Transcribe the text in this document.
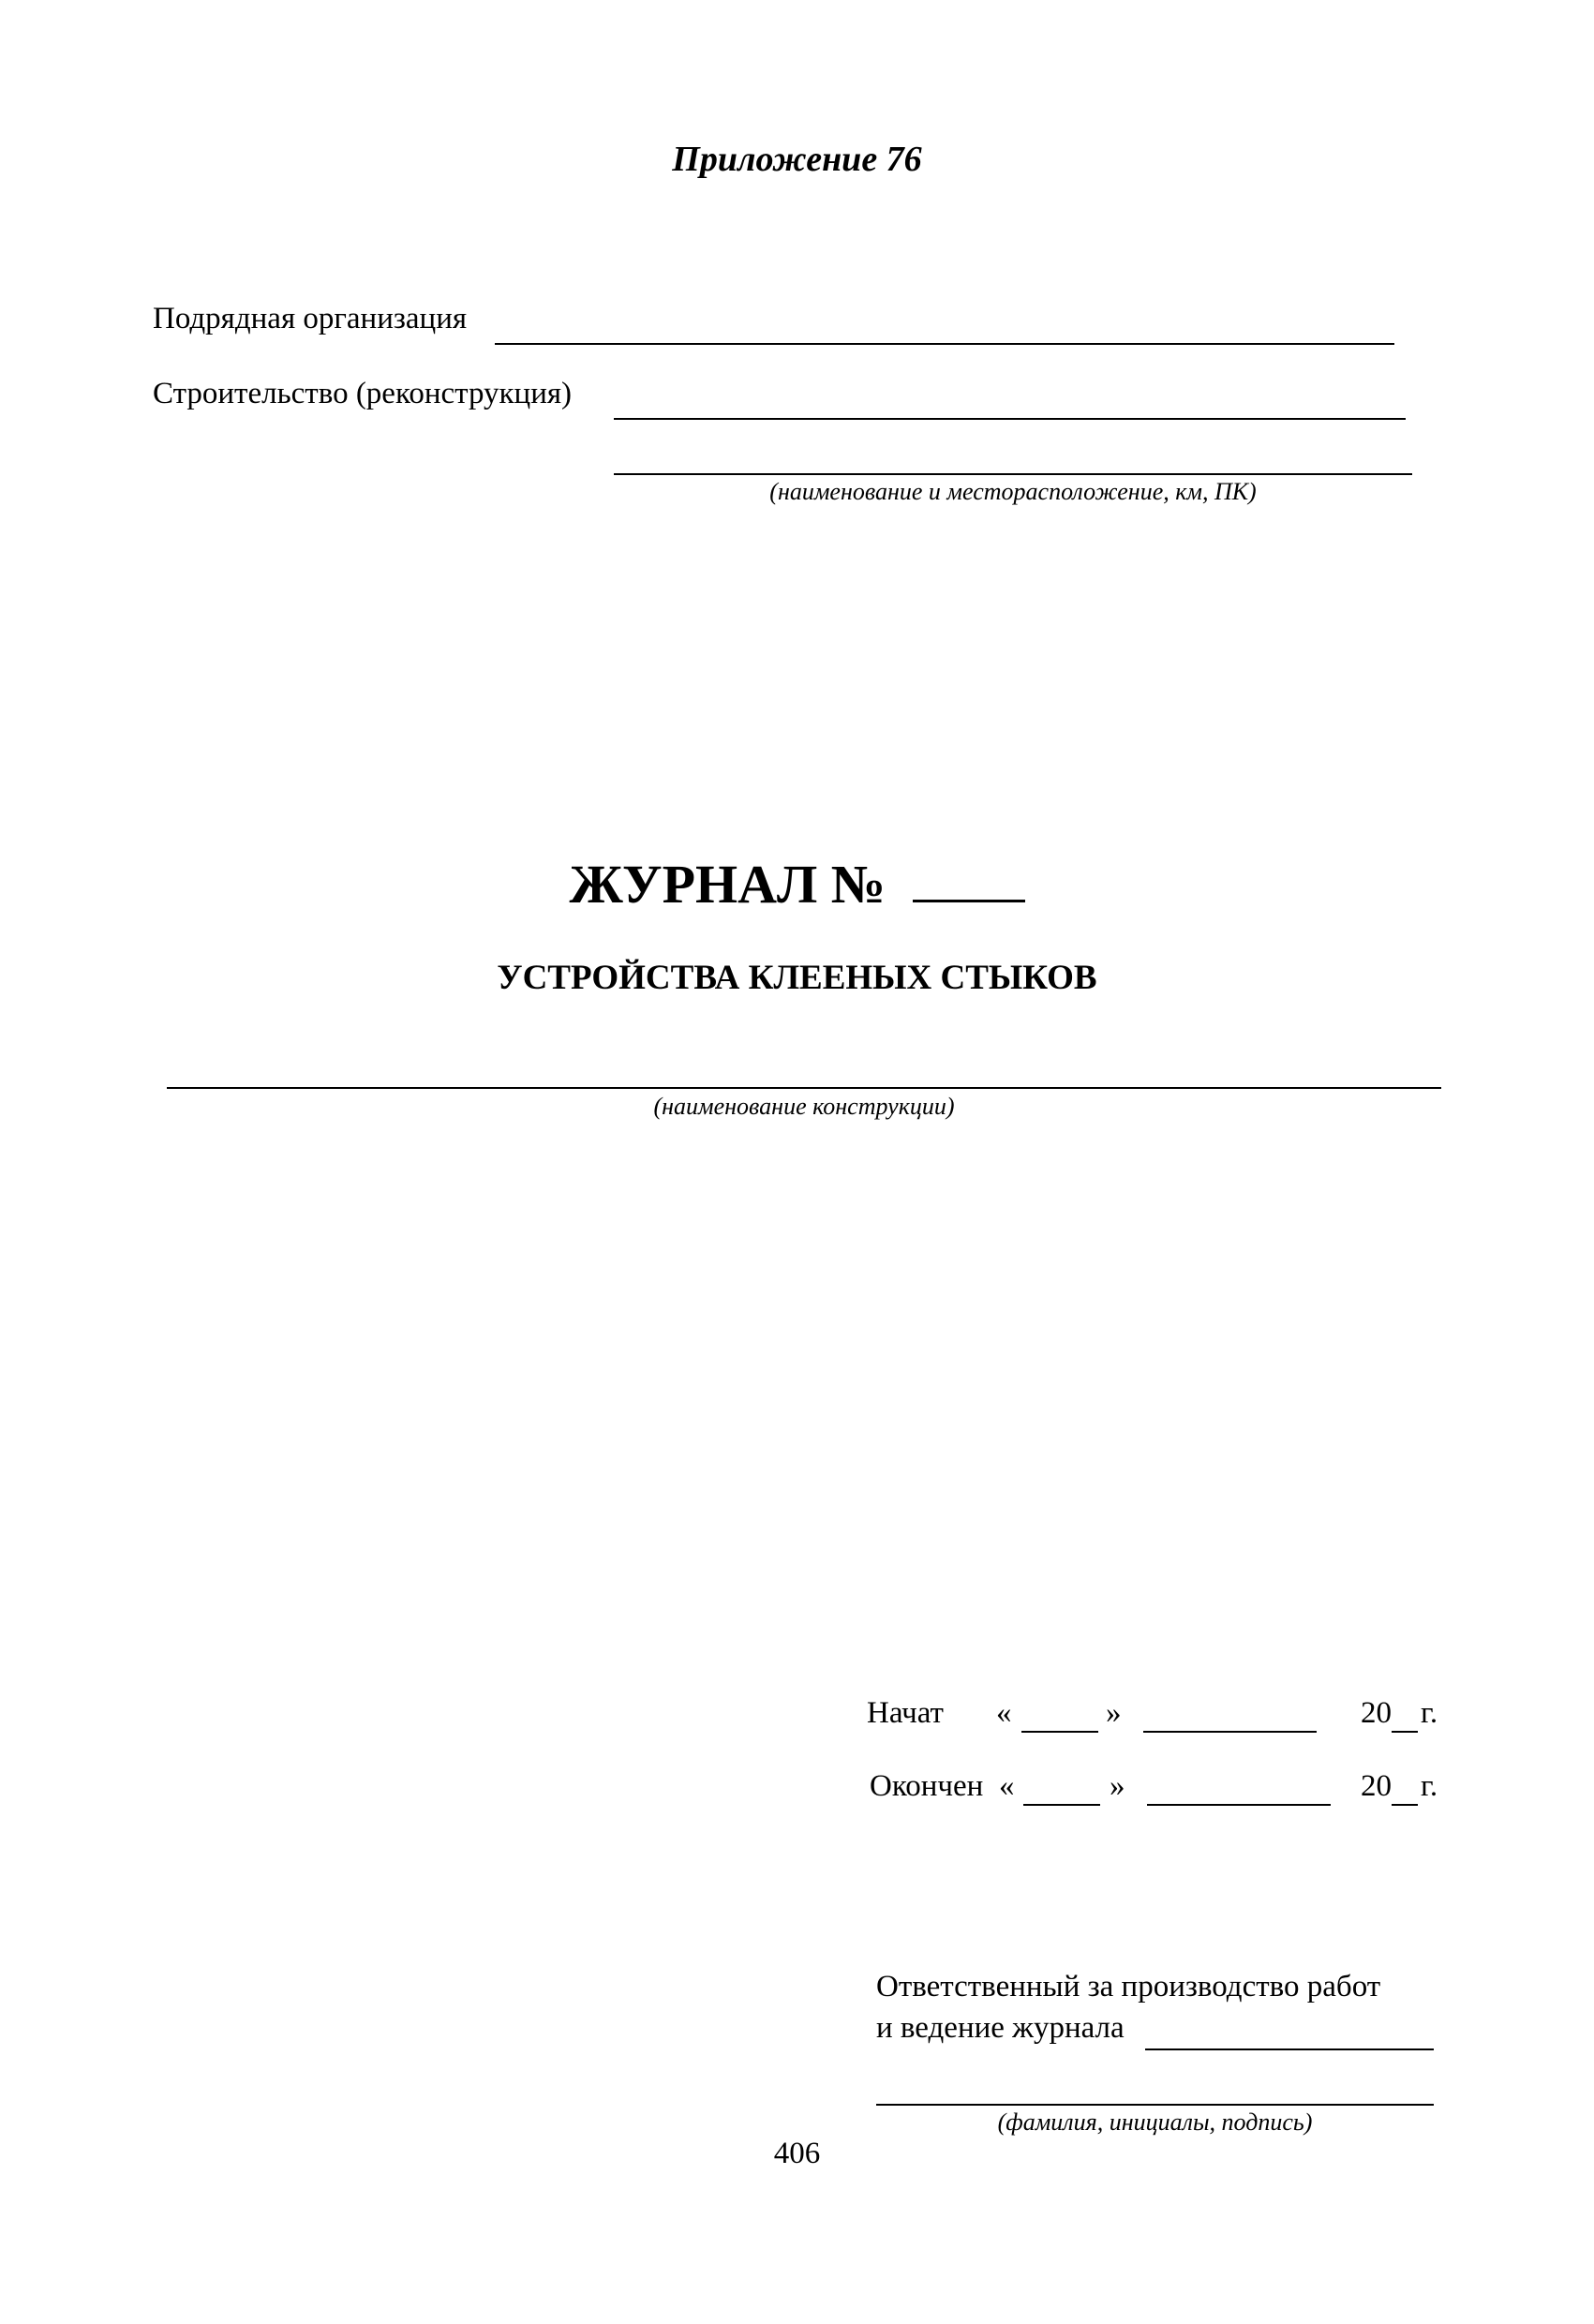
Приложение 76
Подрядная организация
Строительство (реконструкция)
(наименование и месторасположение, км, ПК)
ЖУРНАЛ №
УСТРОЙСТВА КЛЕЕНЫХ СТЫКОВ
(наименование конструкции)
Начат «	»	20 г.
Окончен «	»	20 г.
Ответственный за производство работ
и ведение журнала
(фамилия, инициалы, подпись)
406
